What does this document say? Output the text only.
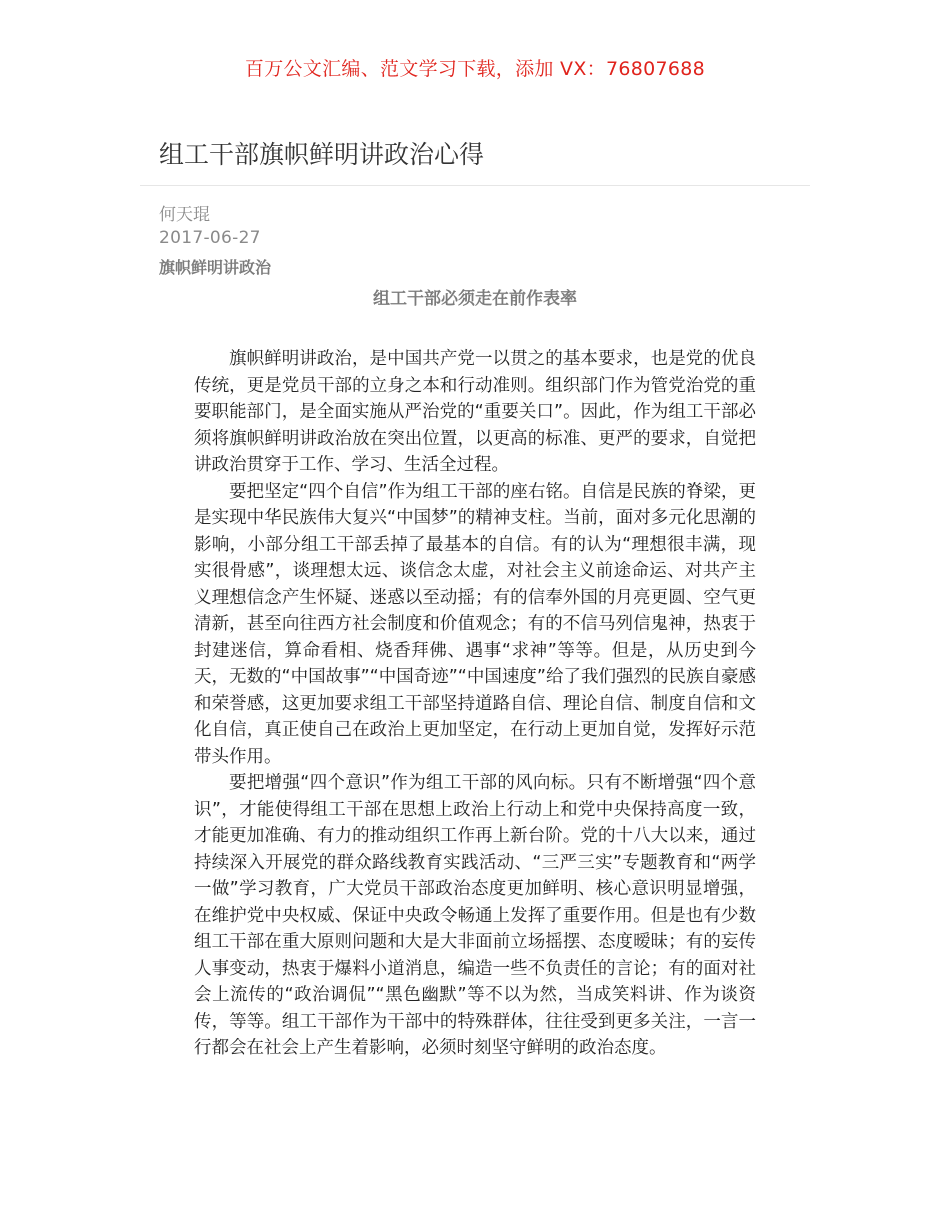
百万公文汇编、范文学习下载，添加 VX：76807688
组工干部旗帜鲜明讲政治心得
何天琨
2017-06-27
旗帜鲜明讲政治
组工干部必须走在前作表率

旗帜鲜明讲政治，是中国共产党一以贯之的基本要求，也是党的优良传统，更是党员干部的立身之本和行动准则。组织部门作为管党治党的重要职能部门，是全面实施从严治党的“重要关口”。因此，作为组工干部必须将旗帜鲜明讲政治放在突出位置，以更高的标准、更严的要求，自觉把讲政治贯穿于工作、学习、生活全过程。

要把坚定“四个自信”作为组工干部的座右铭。自信是民族的脊梁，更是实现中华民族伟大复兴“中国梦”的精神支柱。当前，面对多元化思潮的影响，小部分组工干部丢掉了最基本的自信。有的认为“理想很丰满，现实很骨感”，谈理想太远、谈信念太虚，对社会主义前途命运、对共产主义理想信念产生怀疑、迷惑以至动摇；有的信奉外国的月亮更圆、空气更清新，甚至向往西方社会制度和价值观念；有的不信马列信鬼神，热衷于封建迷信，算命看相、烧香拜佛、遇事“求神”等等。但是，从历史到今天，无数的“中国故事”“中国奇迹”“中国速度”给了我们强烈的民族自豪感和荣誉感，这更加要求组工干部坚持道路自信、理论自信、制度自信和文化自信，真正使自己在政治上更加坚定，在行动上更加自觉，发挥好示范带头作用。

要把增强“四个意识”作为组工干部的风向标。只有不断增强“四个意识”，才能使得组工干部在思想上政治上行动上和党中央保持高度一致，才能更加准确、有力的推动组织工作再上新台阶。党的十八大以来，通过持续深入开展党的群众路线教育实践活动、“三严三实”专题教育和“两学一做”学习教育，广大党员干部政治态度更加鲜明、核心意识明显增强，在维护党中央权威、保证中央政令畅通上发挥了重要作用。但是也有少数组工干部在重大原则问题和大是大非面前立场摇摆、态度暧昧；有的妄传人事变动，热衷于爆料小道消息，编造一些不负责任的言论；有的面对社会上流传的“政治调侃”“黑色幽默”等不以为然，当成笑料讲、作为谈资传，等等。组工干部作为干部中的特殊群体，往往受到更多关注，一言一行都会在社会上产生着影响，必须时刻坚守鲜明的政治态度。
